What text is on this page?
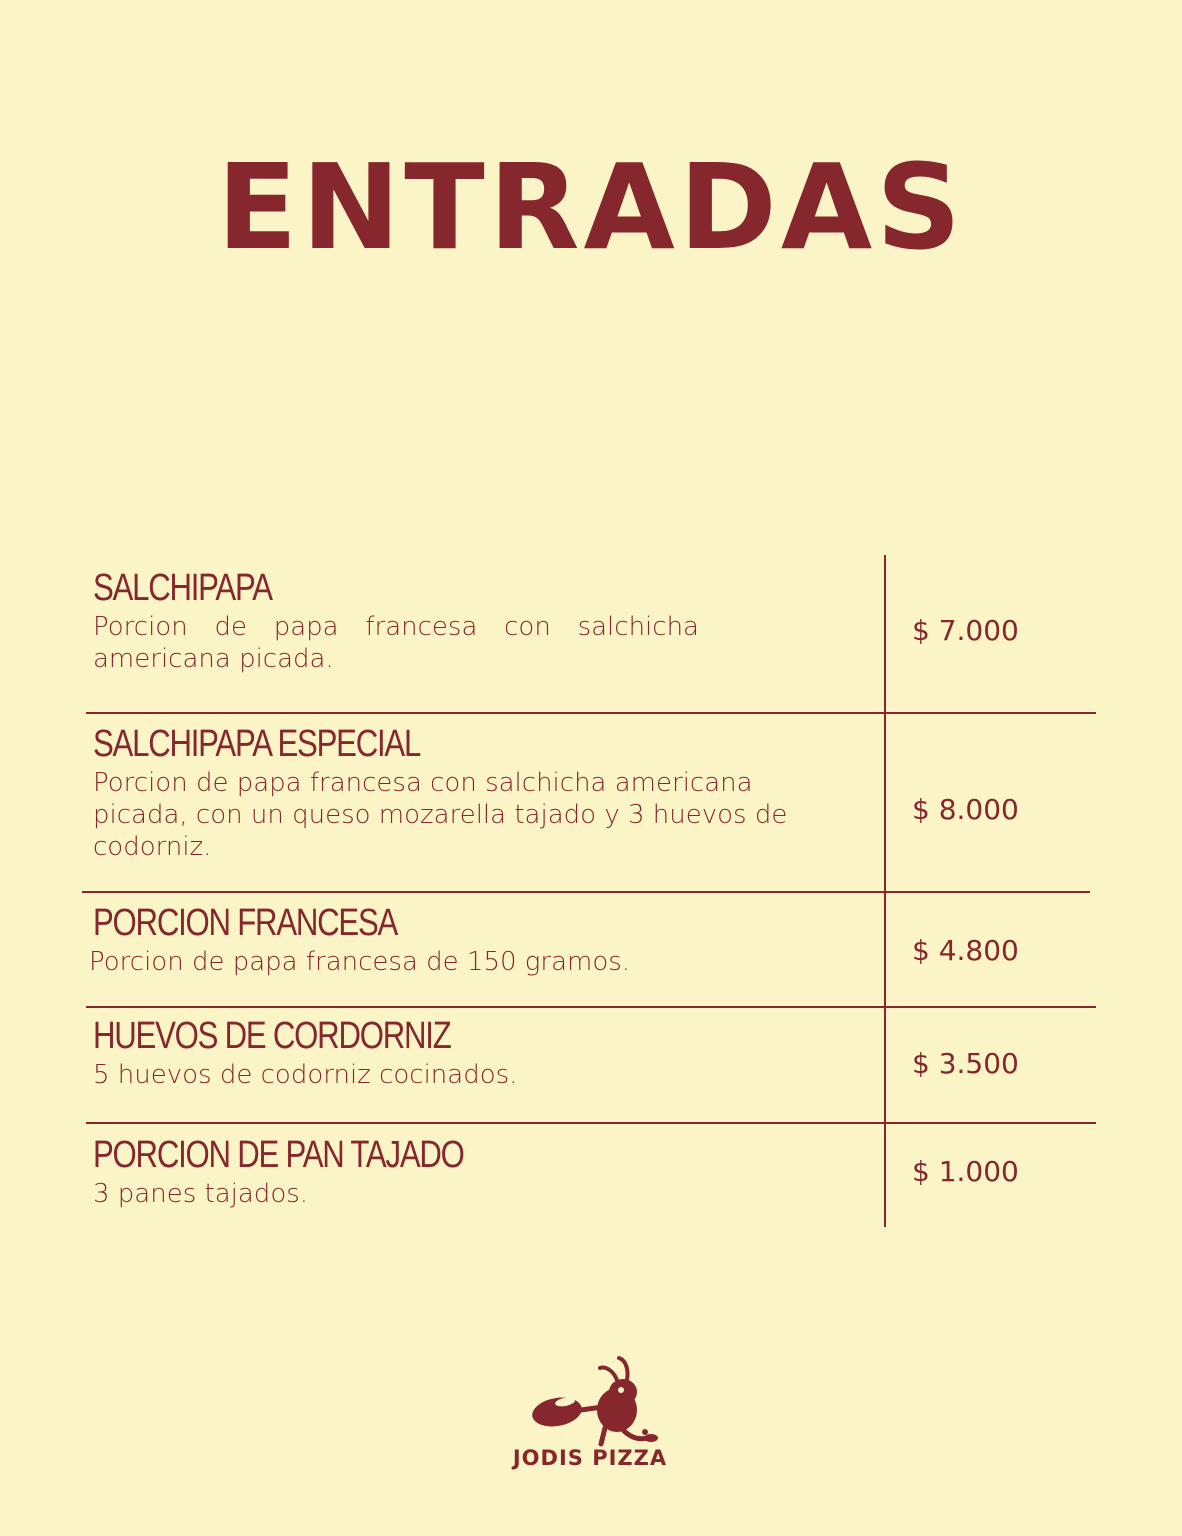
ENTRADAS
SALCHIPAPA
Porcion de papa francesa con salchicha americana picada.
$ 7.000
SALCHIPAPA ESPECIAL
Porcion de papa francesa con salchicha americana picada, con un queso mozarella tajado y 3 huevos de codorniz.
$ 8.000
PORCION FRANCESA
Porcion de papa francesa de 150 gramos.	$ 4.800
HUEVOS DE CORDORNIZ
5 huevos de codorniz cocinados.	$ 3.500
PORCION DE PAN TAJADO
3 panes tajados.
$ 1.000
JODIS PIZZA
